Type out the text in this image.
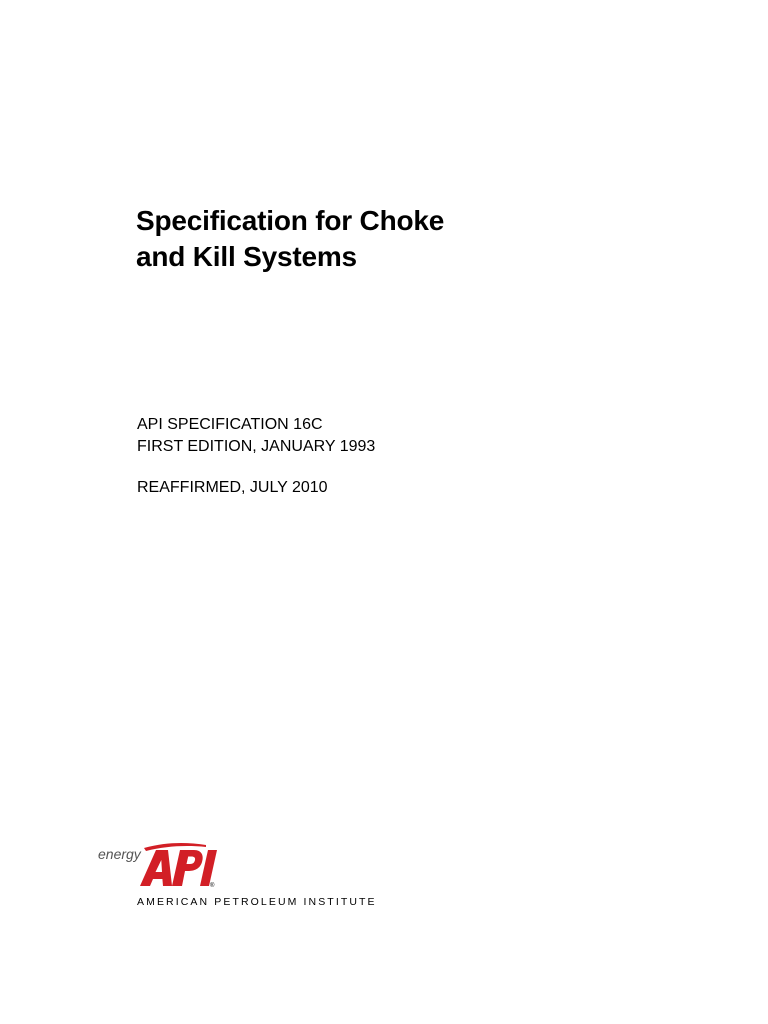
Specification for Choke
and Kill Systems
API SPECIFICATION 16C
FIRST EDITION, JANUARY 1993
REAFFIRMED, JULY 2010
energy
®
AMERICAN PETROLEUM INSTITUTE
